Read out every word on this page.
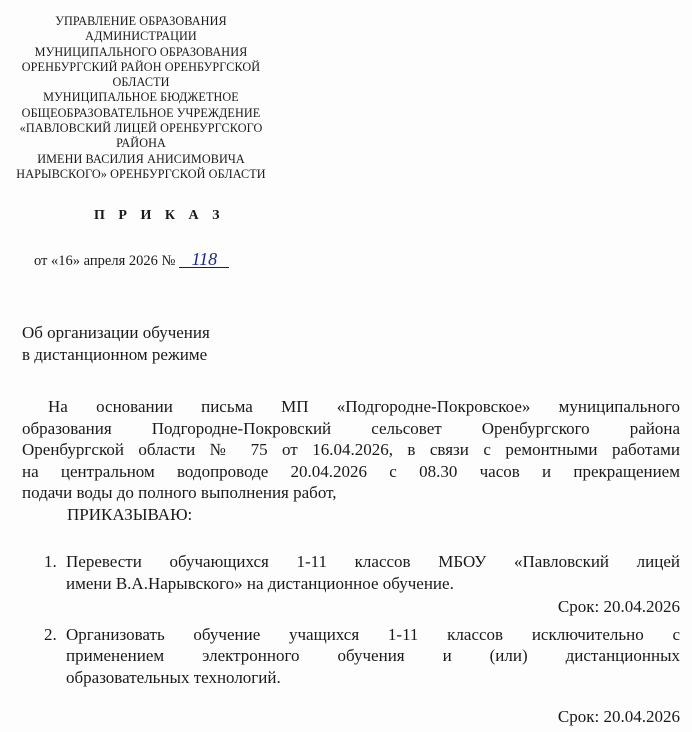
УПРАВЛЕНИЕ ОБРАЗОВАНИЯ
АДМИНИСТРАЦИИ
МУНИЦИПАЛЬНОГО ОБРАЗОВАНИЯ
ОРЕНБУРГСКИЙ РАЙОН ОРЕНБУРГСКОЙ
ОБЛАСТИ
МУНИЦИПАЛЬНОЕ БЮДЖЕТНОЕ
ОБЩЕОБРАЗОВАТЕЛЬНОЕ УЧРЕЖДЕНИЕ
«ПАВЛОВСКИЙ ЛИЦЕЙ ОРЕНБУРГСКОГО
РАЙОНА
ИМЕНИ ВАСИЛИЯ АНИСИМОВИЧА
НАРЫВСКОГО» ОРЕНБУРГСКОЙ ОБЛАСТИ
П Р И К А З
от «16» апреля 2026 № 118
Об организации обучения
в дистанционном режиме
На основании письма МП «Подгородне-Покровское» муниципального
образования Подгородне-Покровский сельсовет Оренбургского района
Оренбургской области № 75 от 16.04.2026, в связи с ремонтными работами
на центральном водопроводе 20.04.2026 с 08.30 часов и прекращением
подачи воды до полного выполнения работ,
ПРИКАЗЫВАЮ:
1. Перевести обучающихся 1-11 классов МБОУ «Павловский лицей
имени В.А.Нарывского» на дистанционное обучение.
Срок: 20.04.2026
2. Организовать обучение учащихся 1-11 классов исключительно с
применением электронного обучения и (или) дистанционных
образовательных технологий.
Срок: 20.04.2026
